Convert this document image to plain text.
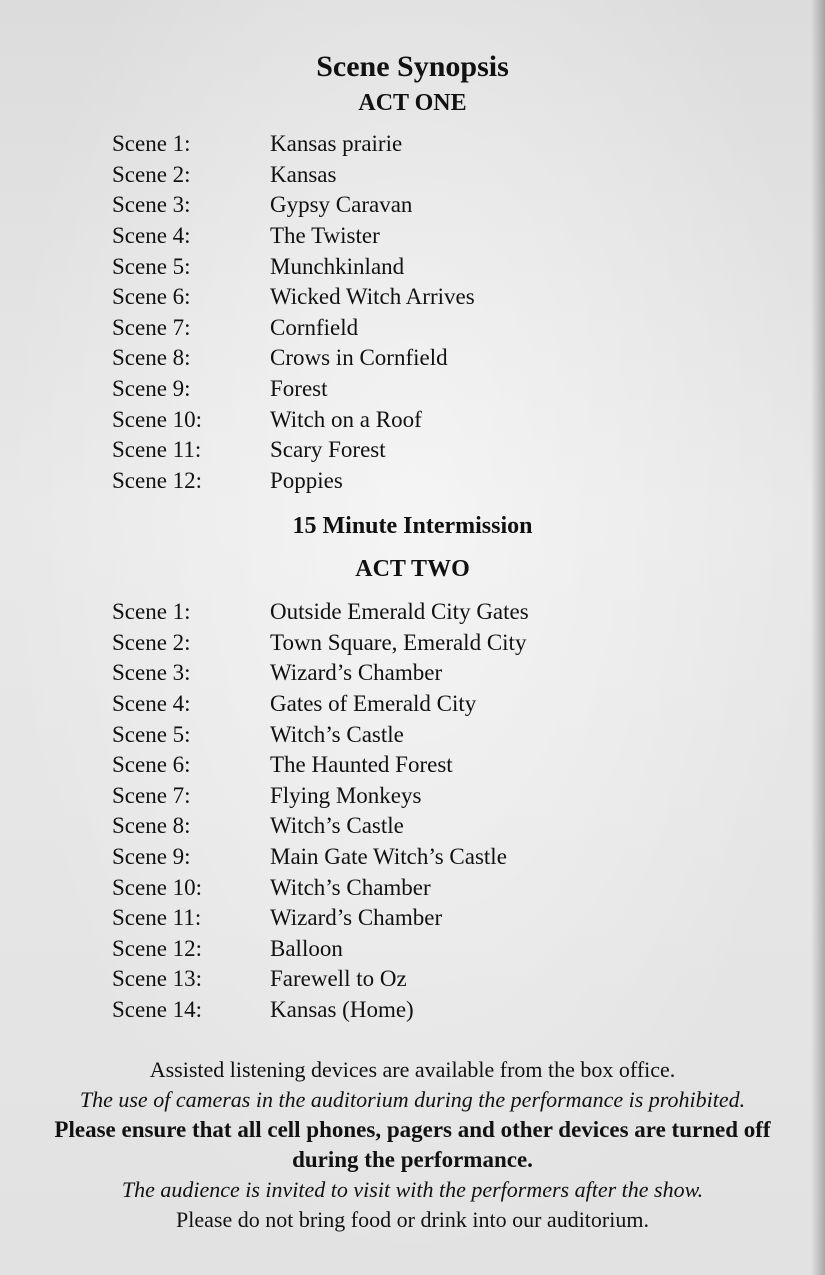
Scene Synopsis
ACT ONE
Scene 1:	Kansas prairie
Scene 2:	Kansas
Scene 3:	Gypsy Caravan
Scene 4:	The Twister
Scene 5:	Munchkinland
Scene 6:	Wicked Witch Arrives
Scene 7:	Cornfield
Scene 8:	Crows in Cornfield
Scene 9:	Forest
Scene 10:	Witch on a Roof
Scene 11:	Scary Forest
Scene 12:	Poppies
15 Minute Intermission
ACT TWO
Scene 1:	Outside Emerald City Gates
Scene 2:	Town Square, Emerald City
Scene 3:	Wizard’s Chamber
Scene 4:	Gates of Emerald City
Scene 5:	Witch’s Castle
Scene 6:	The Haunted Forest
Scene 7:	Flying Monkeys
Scene 8:	Witch’s Castle
Scene 9:	Main Gate Witch’s Castle
Scene 10:	Witch’s Chamber
Scene 11:	Wizard’s Chamber
Scene 12:	Balloon
Scene 13:	Farewell to Oz
Scene 14:	Kansas (Home)

Assisted listening devices are available from the box office.

The use of cameras in the auditorium during the performance is prohibited.

Please ensure that all cell phones, pagers and other devices are turned off during the performance.

The audience is invited to visit with the performers after the show.

Please do not bring food or drink into our auditorium.
